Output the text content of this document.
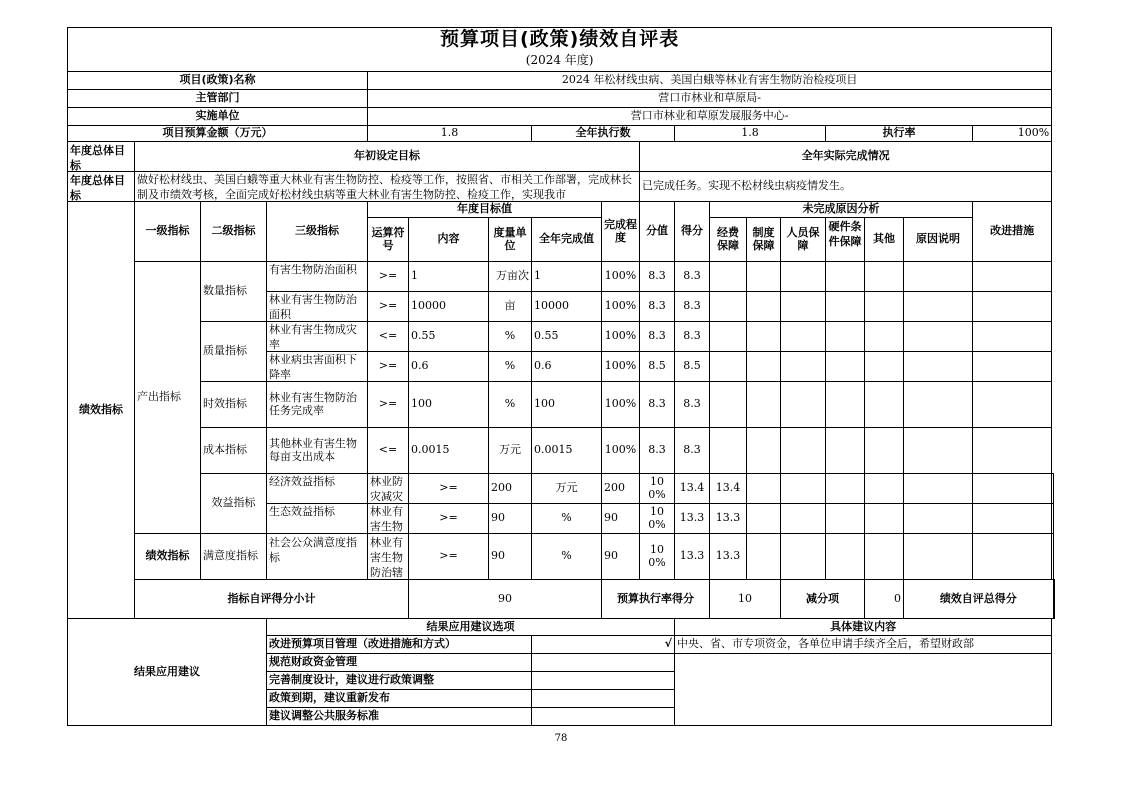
预算项目(政策)绩效自评表																			
(2024 年度)																			
项目(政策)名称				2024 年松材线虫病、美国白蛾等林业有害生物防治检疫项目															
主管部门				营口市林业和草原局-															
实施单位				营口市林业和草原发展服务中心-															
项目预算金额（万元）				1.8			全年执行数			1.8				执行率			100%		

年度总体目标	年初设定目标								全年实际完成情况										

年度总体目标	做好松材线虫、美国白蛾等重大林业有害生物防控、检疫等工作，按照省、市相关工作部署，完成林长制及市绩效考核，全面完成好松材线虫病等重大林业有害生物防控、检疫工作，实现我市								已完成任务。实现不松材线虫病疫情发生。										
绩效指标	一级指标	二级指标	三级指标	年度目标值				完成程度	分值	得分	未完成原因分析						改进措施		
				运算符号	内容	度量单位	全年完成值				经费保障	制度保障	人员保障	硬件条件保障	其他	原因说明			

	产出指标	数量指标	有害生物防治面积	>=	1	万亩次	1	100%	8.3	8.3									

			林业有害生物防治面积	>=	10000	亩	10000	100%	8.3	8.3									
		质量指标	林业有害生物成灾率	<=	0.55	%	0.55	100%	8.3	8.3									

			林业病虫害面积下降率	>=	0.6	%	0.6	100%	8.5	8.5									
		时效指标	林业有害生物防治任务完成率	>=	100	%	100	100%	8.3	8.3									
		成本指标	其他林业有害生物每亩支出成本	<=	0.0015	万元	0.0015	100%	8.3	8.3									
		效益指标	经济效益指标	林业防灾减灾	>=	200	万元	200	100%	13.4	13.4								

			生态效益指标	林业有害生物	>=	90	%	90	100%	13.3	13.3								
	绩效指标	满意度指标	社会公众满意度指标	林业有害生物防治辖	>=	90	%	90	100%	13.3	13.3								
	指标自评得分小计				90			预算执行率得分			10		减分项		0	绩效自评总得分	
结果应用建议			结果应用建议选项							具体建议内容									
			改进预算项目管理（改进措施和方式）				√			中央、省、市专项资金，各单位申请手续齐全后，希望财政部									
			规范财政资金管理																
			完善制度设计，建议进行政策调整																
			政策到期，建议重新发布																
			建议调整公共服务标准																
78
